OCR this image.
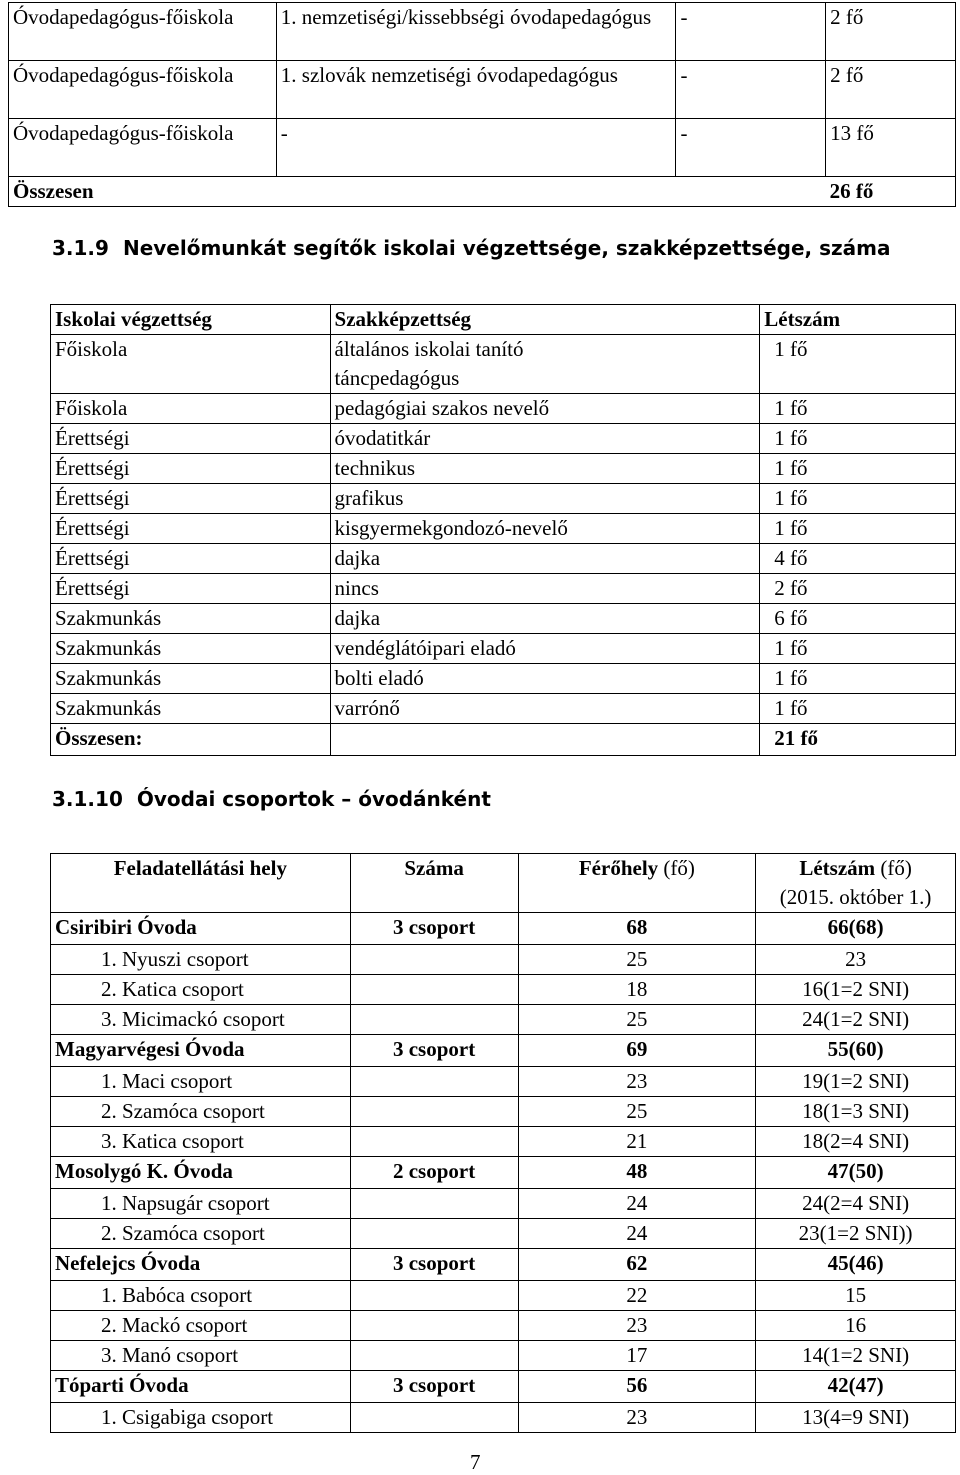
Óvodapedagógus-főiskola	1. nemzetiségi/kissebbségi óvodapedagógus	-	2 fő
Óvodapedagógus-főiskola	1. szlovák nemzetiségi óvodapedagógus	-	2 fő
Óvodapedagógus-főiskola	-	-	13 fő
Összesen			26 fő
3.1.9 Nevelőmunkát segítők iskolai végzettsége, szakképzettsége, száma
Iskolai végzettség	Szakképzettség	Létszám
Főiskola	általános iskolai tanító táncpedagógus	1 fő
Főiskola	pedagógiai szakos nevelő	1 fő
Érettségi	óvodatitkár	1 fő
Érettségi	technikus	1 fő
Érettségi	grafikus	1 fő
Érettségi	kisgyermekgondozó-nevelő	1 fő
Érettségi	dajka	4 fő
Érettségi	nincs	2 fő
Szakmunkás	dajka	6 fő
Szakmunkás	vendéglátóipari eladó	1 fő
Szakmunkás	bolti eladó	1 fő
Szakmunkás	varrónő	1 fő
Összesen:		21 fő
3.1.10 Óvodai csoportok – óvodánként
Feladatellátási hely	Száma	Férőhely (fő)	Létszám (fő)
(2015. október 1.)
Csiribiri Óvoda	3 csoport	68	66(68)
1. Nyuszi csoport		25	23
2. Katica csoport		18	16(1=2 SNI)
3. Micimackó csoport		25	24(1=2 SNI)
Magyarvégesi Óvoda	3 csoport	69	55(60)
1. Maci csoport		23	19(1=2 SNI)
2. Szamóca csoport		25	18(1=3 SNI)
3. Katica csoport		21	18(2=4 SNI)
Mosolygó K. Óvoda	2 csoport	48	47(50)
1. Napsugár csoport		24	24(2=4 SNI)
2. Szamóca csoport		24	23(1=2 SNI))
Nefelejcs Óvoda	3 csoport	62	45(46)
1. Babóca csoport		22	15
2. Mackó csoport		23	16
3. Manó csoport		17	14(1=2 SNI)
Tóparti Óvoda	3 csoport	56	42(47)
1. Csigabiga csoport		23	13(4=9 SNI)
7
